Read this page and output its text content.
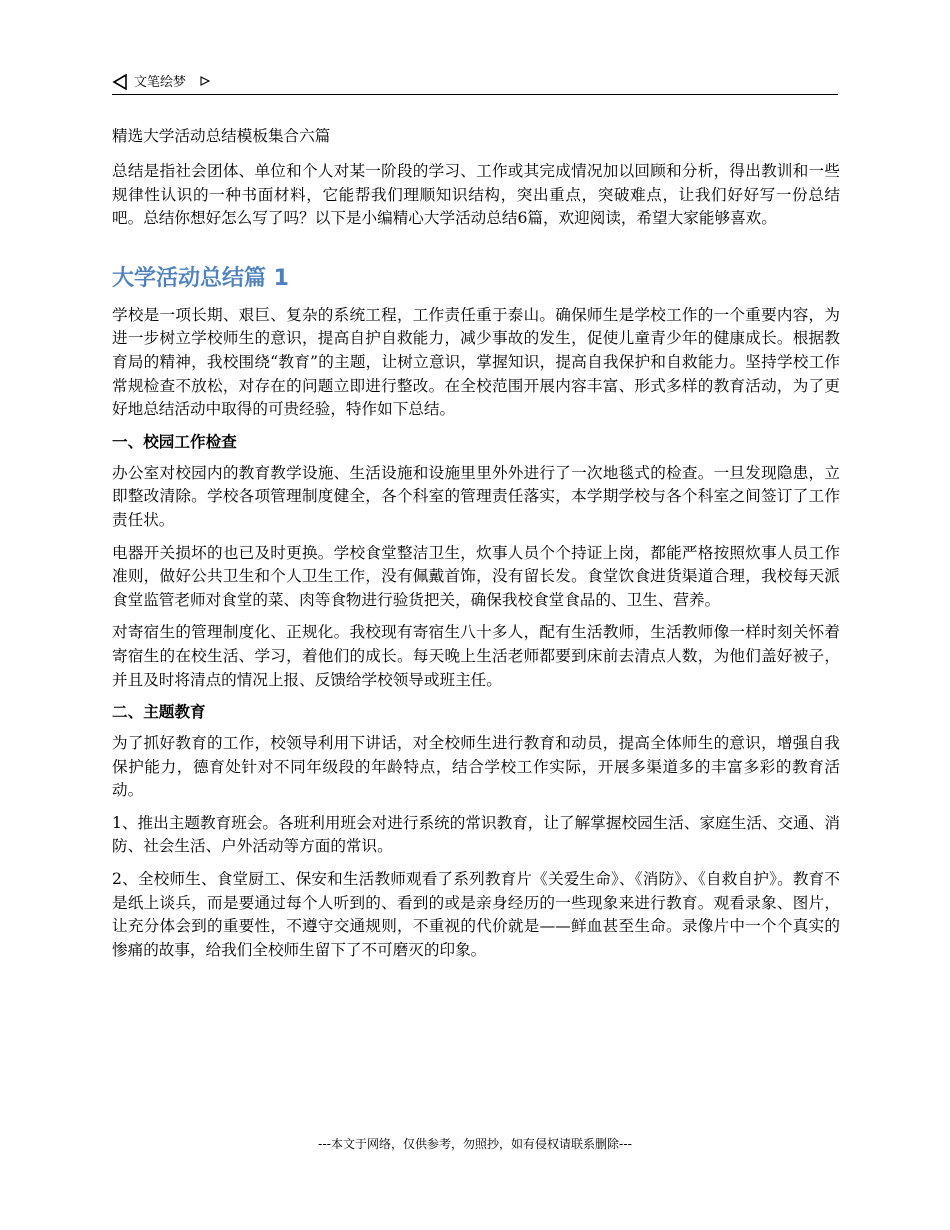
文笔绘梦

精选大学活动总结模板集合六篇

总结是指社会团体、单位和个人对某一阶段的学习、工作或其完成情况加以回顾和分析，得出教训和一些规律性认识的一种书面材料，它能帮我们理顺知识结构，突出重点，突破难点，让我们好好写一份总结吧。总结你想好怎么写了吗？以下是小编精心大学活动总结6篇，欢迎阅读，希望大家能够喜欢。

大学活动总结篇 1

学校是一项长期、艰巨、复杂的系统工程，工作责任重于泰山。确保师生是学校工作的一个重要内容，为进一步树立学校师生的意识，提高自护自救能力，减少事故的发生，促使儿童青少年的健康成长。根据教育局的精神，我校围绕“教育”的主题，让树立意识，掌握知识，提高自我保护和自救能力。坚持学校工作常规检查不放松，对存在的问题立即进行整改。在全校范围开展内容丰富、形式多样的教育活动，为了更好地总结活动中取得的可贵经验，特作如下总结。

一、校园工作检查

办公室对校园内的教育教学设施、生活设施和设施里里外外进行了一次地毯式的检查。一旦发现隐患，立即整改清除。学校各项管理制度健全，各个科室的管理责任落实，本学期学校与各个科室之间签订了工作责任状。

电器开关损坏的也已及时更换。学校食堂整洁卫生，炊事人员个个持证上岗，都能严格按照炊事人员工作准则，做好公共卫生和个人卫生工作，没有佩戴首饰，没有留长发。食堂饮食进货渠道合理，我校每天派食堂监管老师对食堂的菜、肉等食物进行验货把关，确保我校食堂食品的、卫生、营养。

对寄宿生的管理制度化、正规化。我校现有寄宿生八十多人，配有生活教师，生活教师像一样时刻关怀着寄宿生的在校生活、学习，着他们的成长。每天晚上生活老师都要到床前去清点人数，为他们盖好被子，并且及时将清点的情况上报、反馈给学校领导或班主任。

二、主题教育

为了抓好教育的工作，校领导利用下讲话，对全校师生进行教育和动员，提高全体师生的意识，增强自我保护能力，德育处针对不同年级段的年龄特点，结合学校工作实际，开展多渠道多的丰富多彩的教育活动。

1、推出主题教育班会。各班利用班会对进行系统的常识教育，让了解掌握校园生活、家庭生活、交通、消防、社会生活、户外活动等方面的常识。

2、全校师生、食堂厨工、保安和生活教师观看了系列教育片《关爱生命》、《消防》、《自救自护》。教育不是纸上谈兵，而是要通过每个人听到的、看到的或是亲身经历的一些现象来进行教育。观看录象、图片，让充分体会到的重要性，不遵守交通规则，不重视的代价就是——鲜血甚至生命。录像片中一个个真实的惨痛的故事，给我们全校师生留下了不可磨灭的印象。

---本文于网络，仅供参考，勿照抄，如有侵权请联系删除---
